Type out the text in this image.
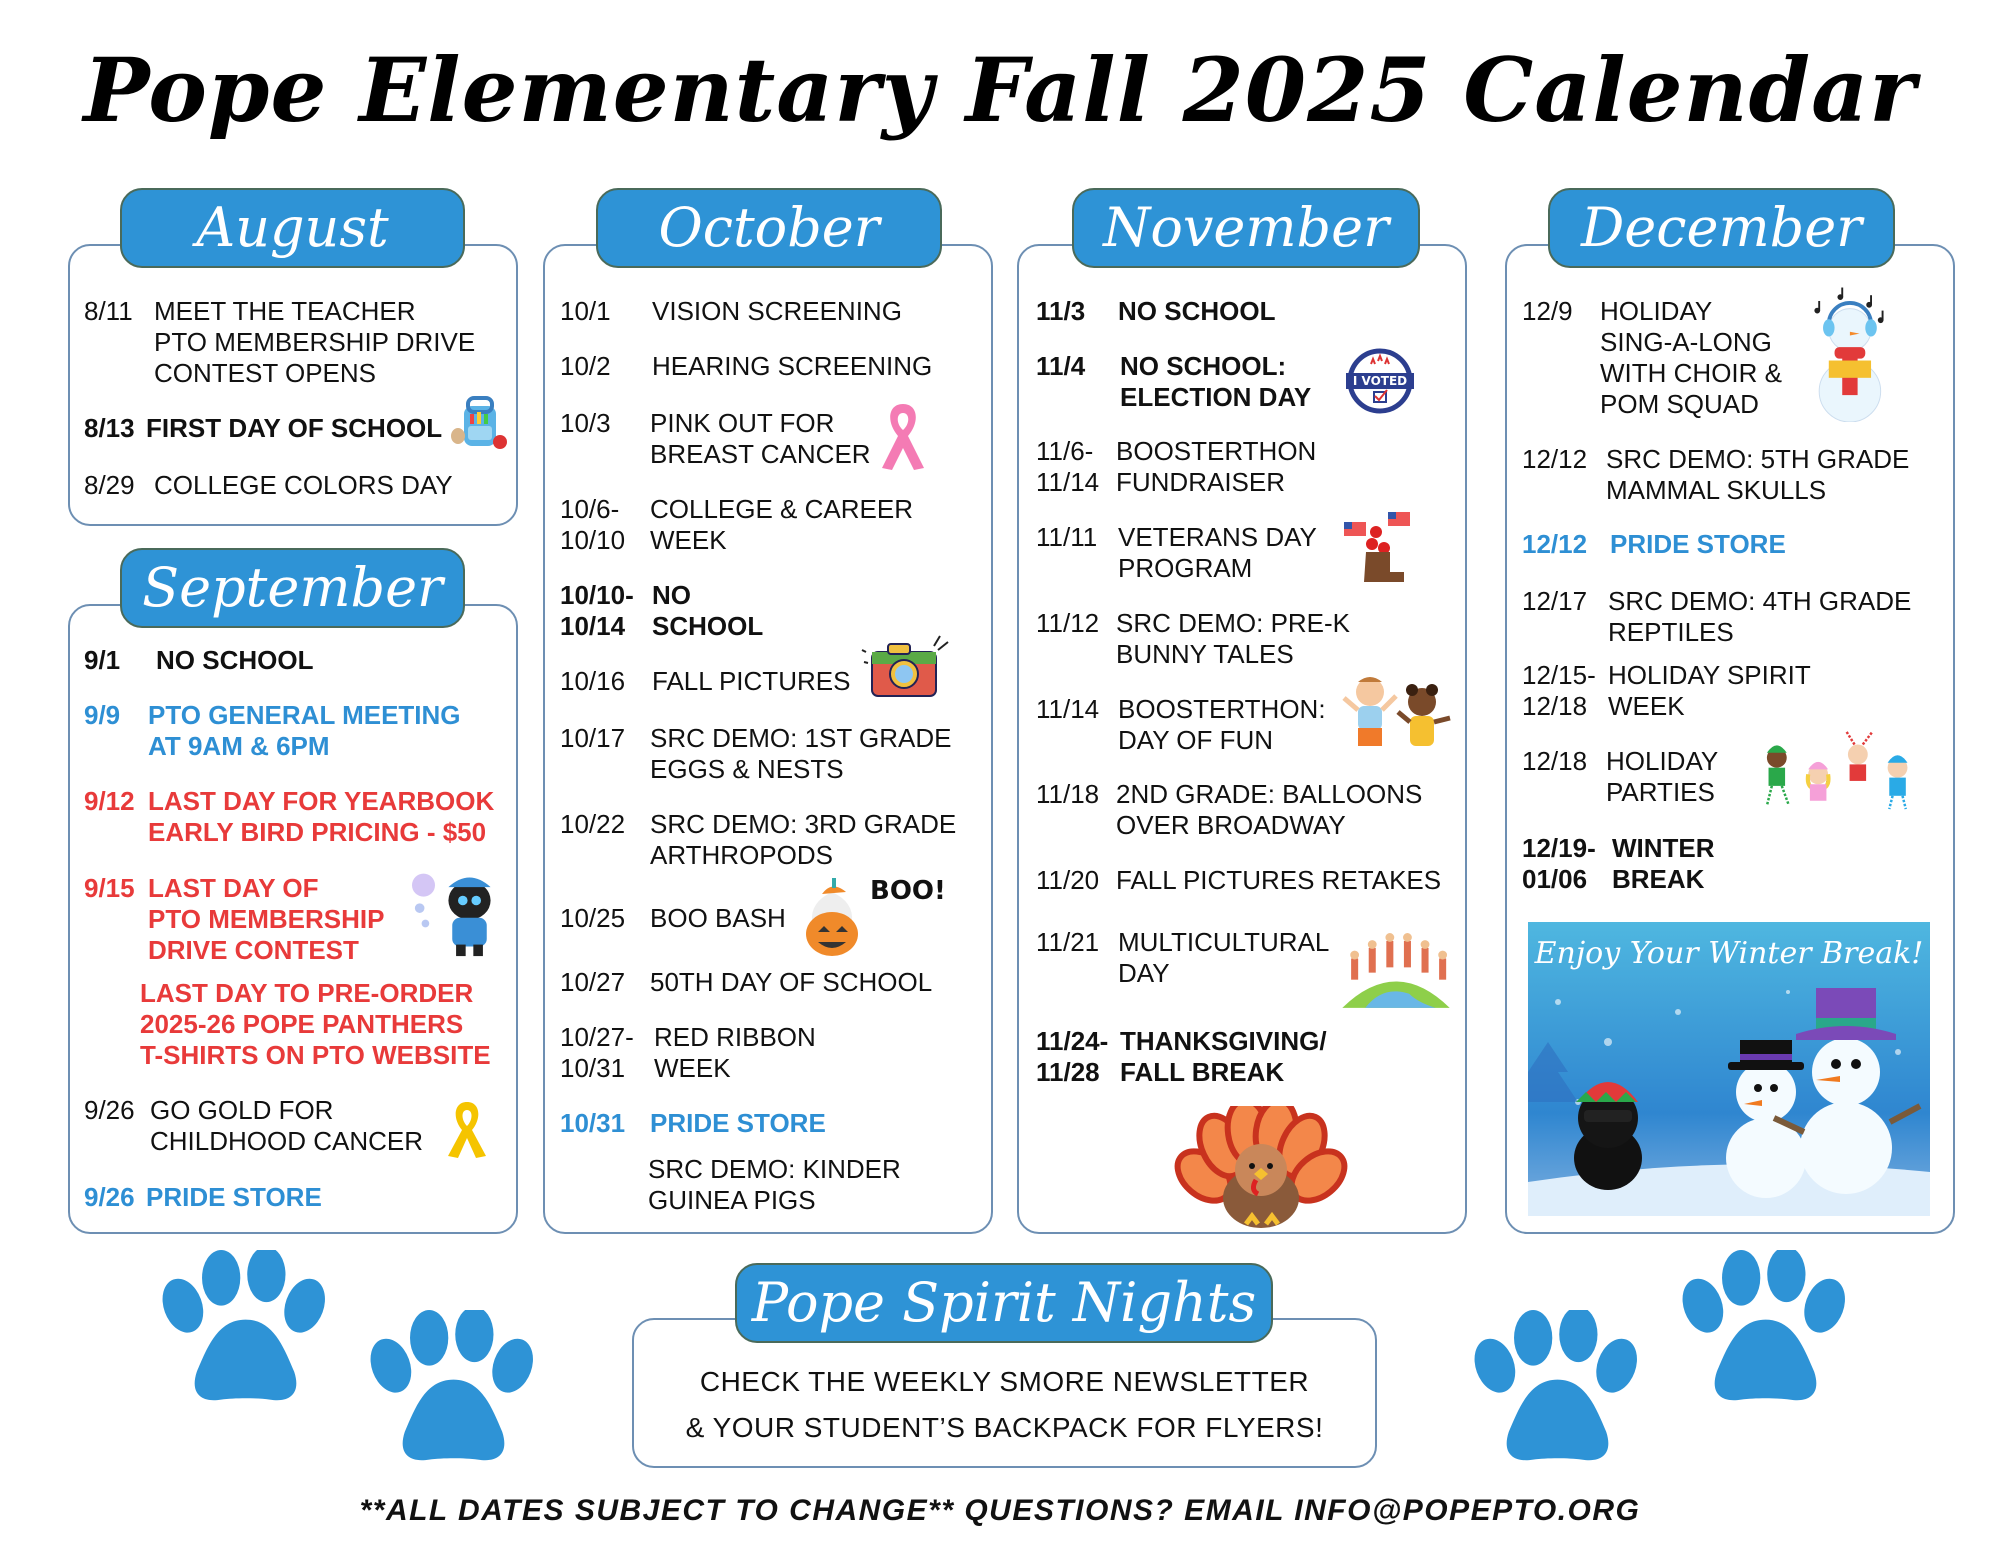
Pope Elementary Fall 2025 Calendar
August
8/11 MEET THE TEACHER
PTO MEMBERSHIP DRIVE
CONTEST OPENS
8/13 FIRST DAY OF SCHOOL
8/29 COLLEGE COLORS DAY
September
9/1 NO SCHOOL
9/9 PTO GENERAL MEETING
AT 9AM & 6PM
9/12 LAST DAY FOR YEARBOOK
EARLY BIRD PRICING - $50
9/15 LAST DAY OF
PTO MEMBERSHIP
DRIVE CONTEST
LAST DAY TO PRE-ORDER
2025-26 POPE PANTHERS
T-SHIRTS ON PTO WEBSITE
9/26 GO GOLD FOR
CHILDHOOD CANCER
9/26 PRIDE STORE
October
10/1 VISION SCREENING
10/2 HEARING SCREENING
10/3 PINK OUT FOR
BREAST CANCER
10/6-
10/10
COLLEGE & CAREER
WEEK
10/10-
10/14
NO
SCHOOL
10/16 FALL PICTURES
10/17 SRC DEMO: 1ST GRADE
EGGS & NESTS
10/22 SRC DEMO: 3RD GRADE
ARTHROPODS
10/25 BOO BASH
BOO!
10/27 50TH DAY OF SCHOOL
10/27-
10/31
RED RIBBON
WEEK
10/31 PRIDE STORE
SRC DEMO: KINDER
GUINEA PIGS
November
11/3 NO SCHOOL
11/4 NO SCHOOL:
ELECTION DAY
I VOTED
11/6-
11/14
BOOSTERTHON
FUNDRAISER
11/11 VETERANS DAY
PROGRAM
11/12 SRC DEMO: PRE-K
BUNNY TALES
11/14 BOOSTERTHON:
DAY OF FUN
11/18 2ND GRADE: BALLOONS
OVER BROADWAY
11/20 FALL PICTURES RETAKES
11/21 MULTICULTURAL
DAY
11/24-
11/28
THANKSGIVING/
FALL BREAK
December
12/9 HOLIDAY
SING-A-LONG
WITH CHOIR &
POM SQUAD
12/12 SRC DEMO: 5TH GRADE
MAMMAL SKULLS
12/12 PRIDE STORE
12/17 SRC DEMO: 4TH GRADE
REPTILES
12/15-
12/18
HOLIDAY SPIRIT
WEEK
12/18 HOLIDAY
PARTIES
12/19-
01/06
WINTER
BREAK
Enjoy Your Winter Break!
CHECK THE WEEKLY SMORE NEWSLETTER
& YOUR STUDENT’S BACKPACK FOR FLYERS!
Pope Spirit Nights
**ALL DATES SUBJECT TO CHANGE** QUESTIONS? EMAIL INFO@POPEPTO.ORG
